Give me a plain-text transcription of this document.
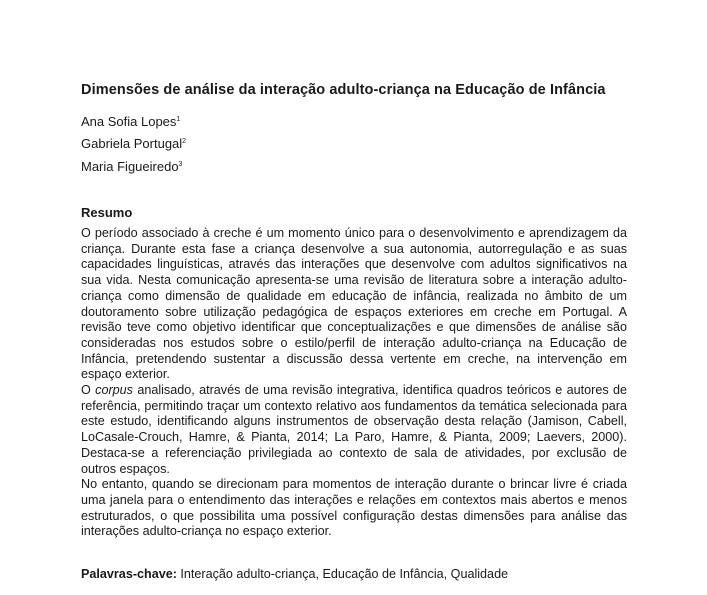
Dimensões de análise da interação adulto-criança na Educação de Infância
Ana Sofia Lopes$^1$
Gabriela Portugal$^2$
Maria Figueiredo$^3$
Resumo

O período associado à creche é um momento único para o desenvolvimento e aprendizagem da criança. Durante esta fase a criança desenvolve a sua autonomia, autorregulação e as suas capacidades linguísticas, através das interações que desenvolve com adultos significativos na sua vida. Nesta comunicação apresenta-se uma revisão de literatura sobre a interação adulto-criança como dimensão de qualidade em educação de infância, realizada no âmbito de um doutoramento sobre utilização pedagógica de espaços exteriores em creche em Portugal. A revisão teve como objetivo identificar que conceptualizações e que dimensões de análise são consideradas nos estudos sobre o estilo/perfil de interação adulto-criança na Educação de Infância, pretendendo sustentar a discussão dessa vertente em creche, na intervenção em espaço exterior.

O corpus analisado, através de uma revisão integrativa, identifica quadros teóricos e autores de referência, permitindo traçar um contexto relativo aos fundamentos da temática selecionada para este estudo, identificando alguns instrumentos de observação desta relação (Jamison, Cabell, LoCasale-Crouch, Hamre, & Pianta, 2014; La Paro, Hamre, & Pianta, 2009; Laevers, 2000). Destaca-se a referenciação privilegiada ao contexto de sala de atividades, por exclusão de outros espaços.

No entanto, quando se direcionam para momentos de interação durante o brincar livre é criada uma janela para o entendimento das interações e relações em contextos mais abertos e menos estruturados, o que possibilita uma possível configuração destas dimensões para análise das interações adulto-criança no espaço exterior.

Palavras-chave: Interação adulto-criança, Educação de Infância, Qualidade
